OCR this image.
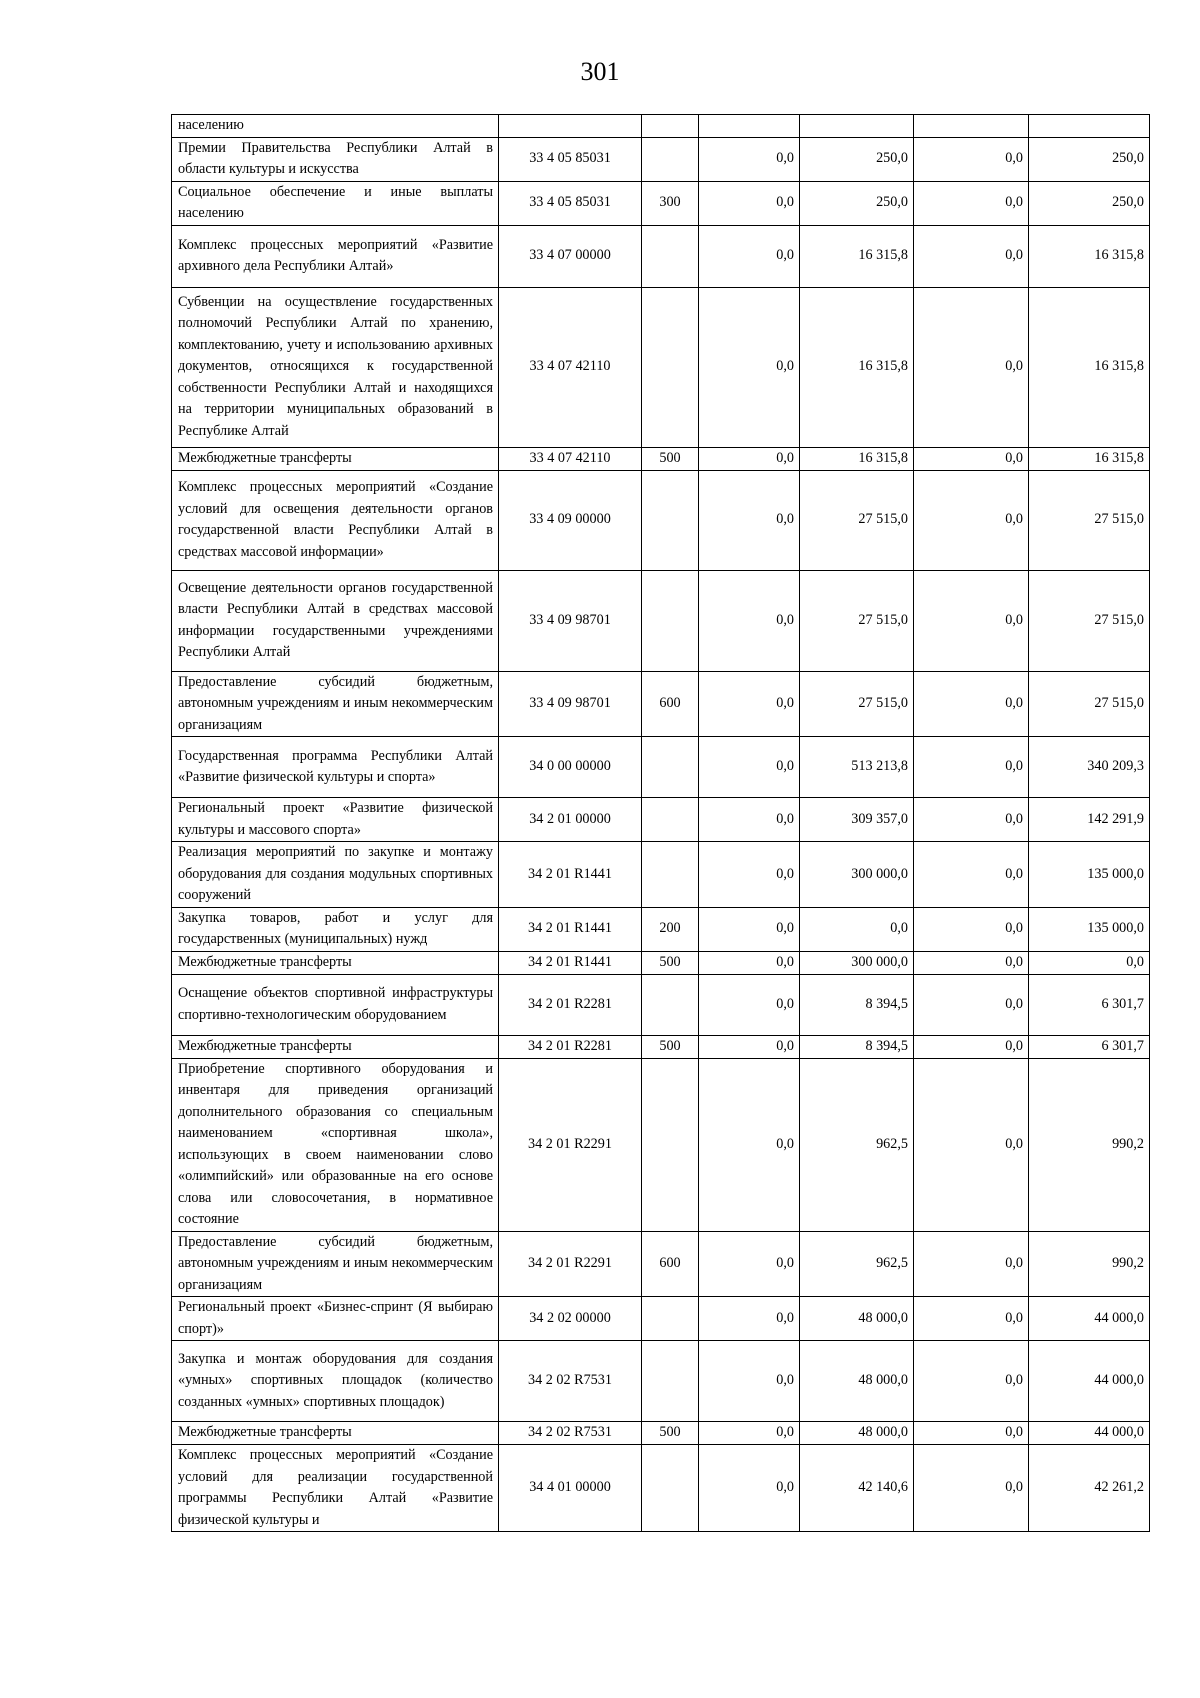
301
населению						
Премии Правительства Республики Алтай в области культуры и искусства	33 4 05 85031		0,0	250,0	0,0	250,0
Социальное обеспечение и иные выплаты населению	33 4 05 85031	300	0,0	250,0	0,0	250,0
Комплекс процессных мероприятий «Развитие архивного дела Республики Алтай»	33 4 07 00000		0,0	16 315,8	0,0	16 315,8
Субвенции на осуществление государственных полномочий Республики Алтай по хранению, комплектованию, учету и использованию архивных документов, относящихся к государственной собственности Республики Алтай и находящихся на территории муниципальных образований в Республике Алтай	33 4 07 42110		0,0	16 315,8	0,0	16 315,8
Межбюджетные трансферты	33 4 07 42110	500	0,0	16 315,8	0,0	16 315,8
Комплекс процессных мероприятий «Создание условий для освещения деятельности органов государственной власти Республики Алтай в средствах массовой информации»	33 4 09 00000		0,0	27 515,0	0,0	27 515,0
Освещение деятельности органов государственной власти Республики Алтай в средствах массовой информации государственными учреждениями Республики Алтай	33 4 09 98701		0,0	27 515,0	0,0	27 515,0
Предоставление субсидий бюджетным, автономным учреждениям и иным некоммерческим организациям	33 4 09 98701	600	0,0	27 515,0	0,0	27 515,0
Государственная программа Республики Алтай «Развитие физической культуры и спорта»	34 0 00 00000		0,0	513 213,8	0,0	340 209,3
Региональный проект «Развитие физической культуры и массового спорта»	34 2 01 00000		0,0	309 357,0	0,0	142 291,9
Реализация мероприятий по закупке и монтажу оборудования для создания модульных спортивных сооружений	34 2 01 R1441		0,0	300 000,0	0,0	135 000,0
Закупка товаров, работ и услуг для государственных (муниципальных) нужд	34 2 01 R1441	200	0,0	0,0	0,0	135 000,0
Межбюджетные трансферты	34 2 01 R1441	500	0,0	300 000,0	0,0	0,0
Оснащение объектов спортивной инфраструктуры спортивно-технологическим оборудованием	34 2 01 R2281		0,0	8 394,5	0,0	6 301,7
Межбюджетные трансферты	34 2 01 R2281	500	0,0	8 394,5	0,0	6 301,7
Приобретение спортивного оборудования и инвентаря для приведения организаций дополнительного образования со специальным наименованием «спортивная школа», использующих в своем наименовании слово «олимпийский» или образованные на его основе слова или словосочетания, в нормативное состояние	34 2 01 R2291		0,0	962,5	0,0	990,2
Предоставление субсидий бюджетным, автономным учреждениям и иным некоммерческим организациям	34 2 01 R2291	600	0,0	962,5	0,0	990,2
Региональный проект «Бизнес-спринт (Я выбираю спорт)»	34 2 02 00000		0,0	48 000,0	0,0	44 000,0
Закупка и монтаж оборудования для создания «умных» спортивных площадок (количество созданных «умных» спортивных площадок)	34 2 02 R7531		0,0	48 000,0	0,0	44 000,0
Межбюджетные трансферты	34 2 02 R7531	500	0,0	48 000,0	0,0	44 000,0
Комплекс процессных мероприятий «Создание условий для реализации государственной программы Республики Алтай «Развитие физической культуры и	34 4 01 00000		0,0	42 140,6	0,0	42 261,2
